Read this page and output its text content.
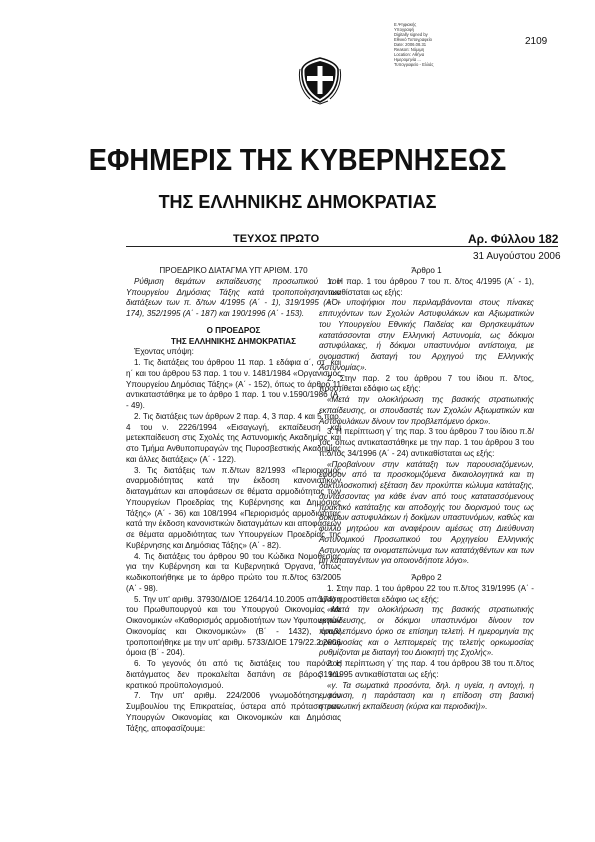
Ε.Ψηφιακής
Υπογραφή
Digitally signed by
Εθνικό Τυπογραφείο
Date: 2006.08.31
Reason: Νόμιμη
Location: Αθήνα
Ημερομηνία ...
Τυπογραφείο - Ελλάς
2109
ΕΦΗΜΕΡΙΣ ΤΗΣ ΚΥΒΕΡΝΗΣΕΩΣ
ΤΗΣ ΕΛΛΗΝΙΚΗΣ ΔΗΜΟΚΡΑΤΙΑΣ
ΤΕΥΧΟΣ ΠΡΩΤΟ	Αρ. Φύλλου 182
31 Αυγούστου 2006

ΠΡΟΕΔΡΙΚΟ ΔΙΑΤΑΓΜΑ ΥΠ' ΑΡΙΘΜ. 170

Ρύθμιση θεμάτων εκπαίδευσης προσωπικού του Υπουργείου Δημόσιας Τάξης κατά τροποποίηση των διατάξεων των π. δ/των 4/1995 (Α΄ - 1), 319/1995 (Α΄ - 174), 352/1995 (Α΄ - 187) και 190/1996 (Α΄ - 153).

Ο ΠΡΟΕΔΡΟΣ

ΤΗΣ ΕΛΛΗΝΙΚΗΣ ΔΗΜΟΚΡΑΤΙΑΣ

Έχοντας υπόψη:

1. Τις διατάξεις του άρθρου 11 παρ. 1 εδάφια α΄, στ΄ και η΄ και του άρθρου 53 παρ. 1 του ν. 1481/1984 «Οργανισμός Υπουργείου Δημόσιας Τάξης» (Α΄ - 152), όπως το άρθρο 11 αντικαταστάθηκε με το άρθρο 1 παρ. 1 του ν.1590/1986 (Α΄ - 49).

2. Τις διατάξεις των άρθρων 2 παρ. 4, 3 παρ. 4 και 5 παρ. 4 του ν. 2226/1994 «Εισαγωγή, εκπαίδευση και μετεκπαίδευση στις Σχολές της Αστυνομικής Ακαδημίας και στο Τμήμα Ανθυποπυραγών της Πυροσβεστικής Ακαδημίας και άλλες διατάξεις» (Α΄ - 122).

3. Τις διατάξεις των π.δ/των 82/1993 «Περιορισμός αναρμοδιότητας κατά την έκδοση κανονιστικών διαταγμάτων και αποφάσεων σε θέματα αρμοδιότητας των Υπουργείων Προεδρίας της Κυβέρνησης και Δημόσιας Τάξης» (Α΄ - 36) και 108/1994 «Περιορισμός αρμοδιότητας κατά την έκδοση κανονιστικών διαταγμάτων και αποφάσεων σε θέματα αρμοδιότητας των Υπουργείων Προεδρίας της Κυβέρνησης και Δημόσιας Τάξης» (Α΄ - 82).

4. Τις διατάξεις του άρθρου 90 του Κώδικα Νομοθεσίας για την Κυβέρνηση και τα Κυβερνητικά Όργανα, όπως κωδικοποιήθηκε με το άρθρο πρώτο του π.δ/τος 63/2005 (Α΄ - 98).

5. Την υπ' αριθμ. 37930/ΔΙΟΕ 1264/14.10.2005 απόφαση του Πρωθυπουργού και του Υπουργού Οικονομίας και Οικονομικών «Καθορισμός αρμοδιοτήτων των Υφυπουργών Οικονομίας και Οικονομικών» (Β΄ - 1432), όπως τροποποιήθηκε με την υπ' αριθμ. 5733/ΔΙΟΕ 179/22.2.2006 όμοια (Β΄ - 204).

6. Το γεγονός ότι από τις διατάξεις του παρόντος διατάγματος δεν προκαλείται δαπάνη σε βάρος του κρατικού προϋπολογισμού.

7. Την υπ' αριθμ. 224/2006 γνωμοδότηση του Συμβουλίου της Επικρατείας, ύστερα από πρόταση των Υπουργών Οικονομίας και Οικονομικών και Δημόσιας Τάξης, αποφασίζουμε:

Άρθρο 1

1. Η παρ. 1 του άρθρου 7 του π. δ/τος 4/1995 (Α΄ - 1), αντικαθίσταται ως εξής:

«Οι υποψήφιοι που περιλαμβάνονται στους πίνακες επιτυχόντων των Σχολών Αστυφυλάκων και Αξιωματικών του Υπουργείου Εθνικής Παιδείας και Θρησκευμάτων κατατάσσονται στην Ελληνική Αστυνομία, ως δόκιμοι αστυφύλακες, ή δόκιμοι υπαστυνόμοι αντίστοιχα, με ονομαστική διαταγή του Αρχηγού της Ελληνικής Αστυνομίας».

2. Στην παρ. 2 του άρθρου 7 του ίδιου π. δ/τος, προστίθεται εδάφιο ως εξής:

«Μετά την ολοκλήρωση της βασικής στρατιωτικής εκπαίδευσης, οι σπουδαστές των Σχολών Αξιωματικών και Αστυφυλάκων δίνουν τον προβλεπόμενο όρκο».

3. Η περίπτωση γ΄ της παρ. 3 του άρθρου 7 του ίδιου π.δ/τος, όπως αντικαταστάθηκε με την παρ. 1 του άρθρου 3 του π.δ/τος 34/1996 (Α΄ - 24) αντικαθίσταται ως εξής:

«Προβαίνουν στην κατάταξη των παρουσιαζόμενων, εφόσον από τα προσκομιζόμενα δικαιολογητικά και τη δακτυλοσκοπική εξέταση δεν προκύπτει κώλυμα κατάταξης, συντάσσοντας για κάθε έναν από τους κατατασσόμενους πρακτικό κατάταξης και αποδοχής του διορισμού τους ως δοκίμων αστυφυλάκων ή δοκίμων υπαστυνόμων, καθώς και φύλλο μητρώου και αναφέρουν αμέσως στη Διεύθυνση Αστυνομικού Προσωπικού του Αρχηγείου Ελληνικής Αστυνομίας τα ονοματεπώνυμα των κατατάχθέντων και των μη καταταγέντων για οποιονδήποτε λόγο».

Άρθρο 2

1. Στην παρ. 1 του άρθρου 22 του π.δ/τος 319/1995 (Α΄ - 174) προστίθεται εδάφιο ως εξής:

«Μετά την ολοκλήρωση της βασικής στρατιωτικής εκπαίδευσης, οι δόκιμοι υπαστυνόμοι δίνουν τον προβλεπόμενο όρκο σε επίσημη τελετή. Η ημερομηνία της ορκωμοσίας και ο λεπτομερείς της τελετής ορκωμοσίας ρυθμίζονται με διαταγή του Διοικητή της Σχολής».

2. Η περίπτωση γ΄ της παρ. 4 του άρθρου 38 του π.δ/τος 319/1995 αντικαθίσταται ως εξής:

«γ. Τα σωματικά προσόντα, δηλ. η υγεία, η αντοχή, η εμφάνιση, η παράσταση και η επίδοση στη βασική στρατιωτική εκπαίδευση (κύρια και περιοδική)».
